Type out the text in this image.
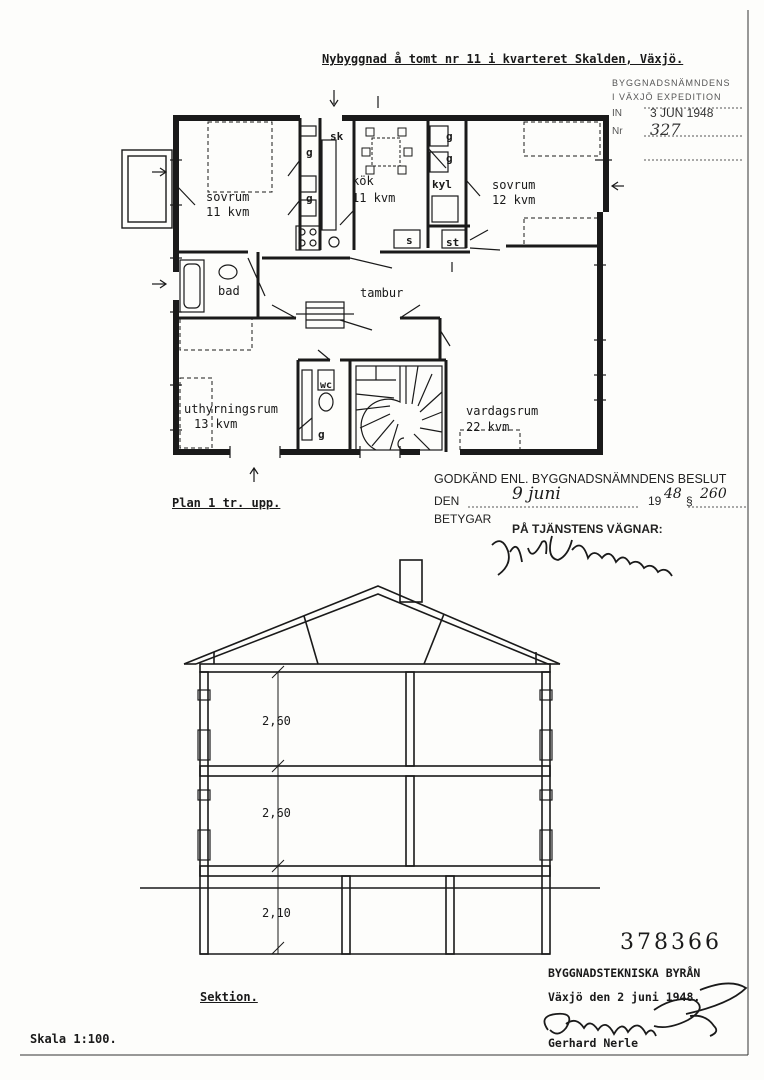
Nybyggnad å tomt nr 11 i kvarteret Skalden, Växjö.
BYGGNADSNÄMNDENS
I VÄXJÖ EXPEDITION
IN 3 JUN 1948
Nr 327
sovrum
11 kvm
kök
11 kvm
sovrum
12 kvm
bad	tambur
uthyrningsrum
13 kvm
vardagsrum
22 kvm
sk
g
g
g
g
kyl
s	st
wc
g
GODKÄND ENL. BYGGNADSNÄMNDENS BESLUT
DEN	9 juni	19 48 § 260
BETYGAR
PÅ TJÄNSTENS VÄGNAR:
Plan 1 tr. upp.
Sektion.
Skala 1:100.
2,60
2,60
2,10
378366
BYGGNADSTEKNISKA BYRÅN
Växjö den 2 juni 1948.
Gerhard Nerle
